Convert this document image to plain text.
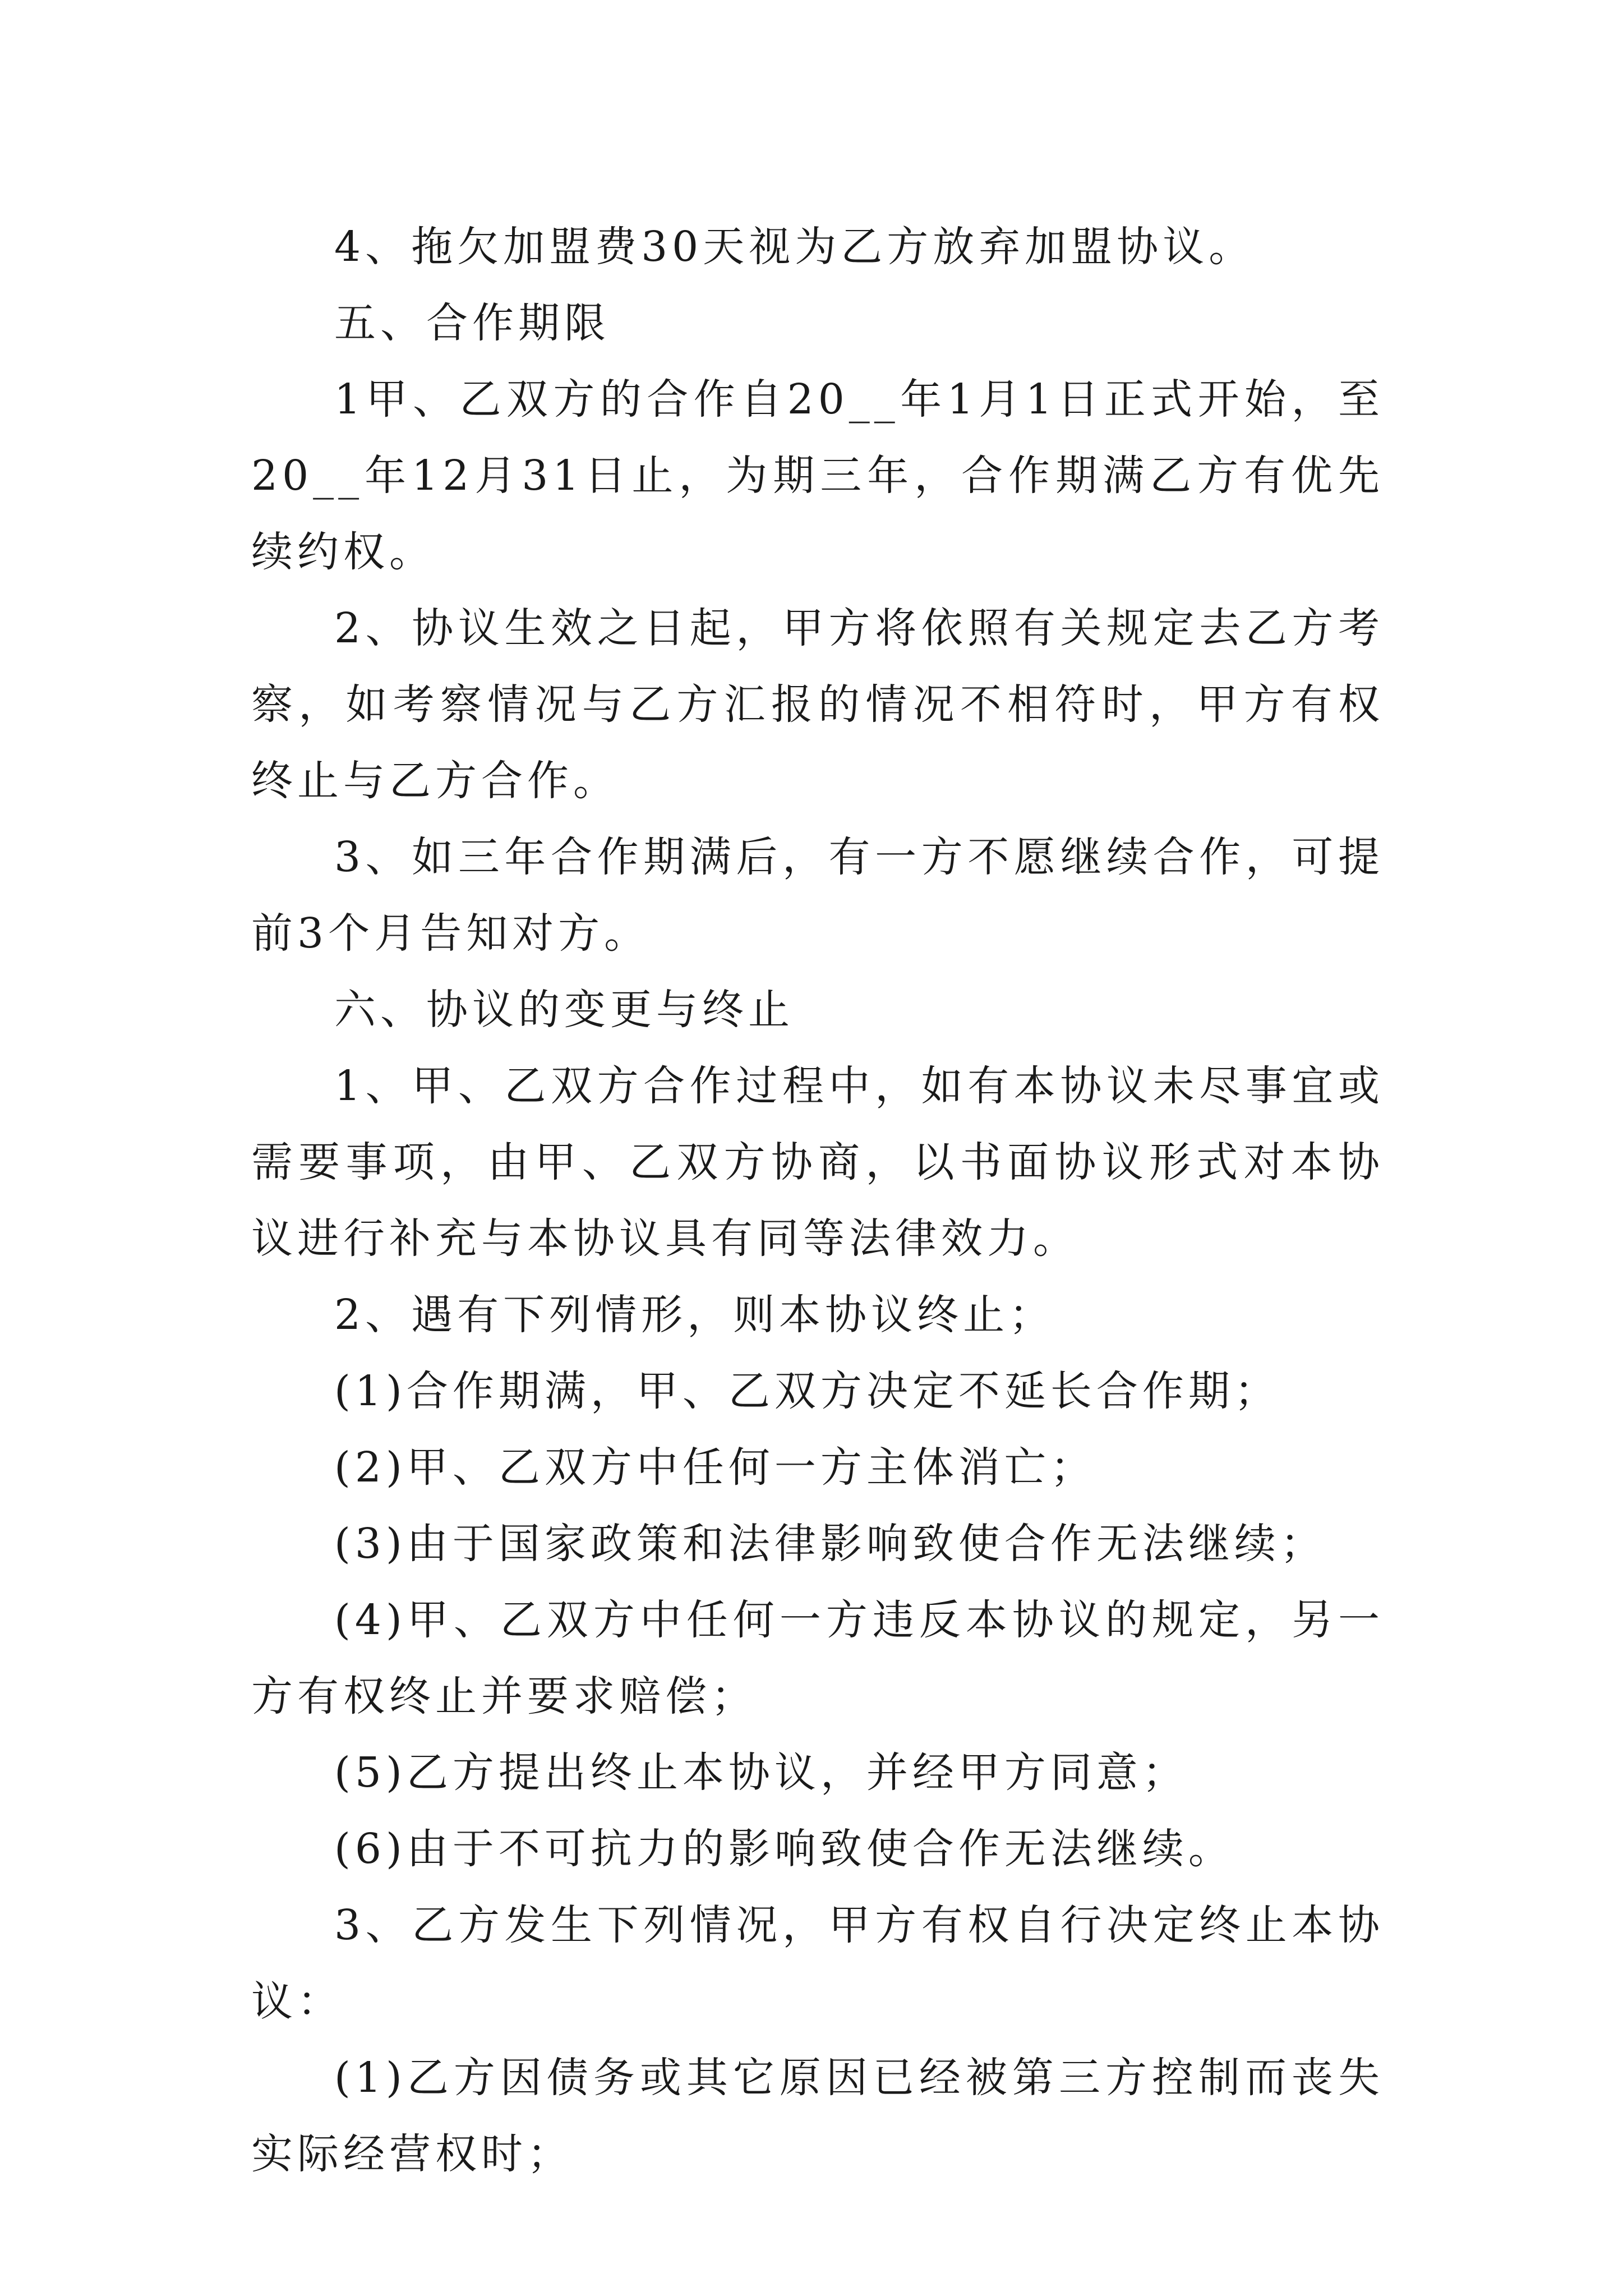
4、拖欠加盟费30天视为乙方放弃加盟协议。

五、合作期限

1甲、乙双方的合作自20__年1月1日正式开始，至20__年12月31日止，为期三年，合作期满乙方有优先续约权。

2、协议生效之日起，甲方将依照有关规定去乙方考察，如考察情况与乙方汇报的情况不相符时，甲方有权终止与乙方合作。

3、如三年合作期满后，有一方不愿继续合作，可提前3个月告知对方。

六、协议的变更与终止

1、甲、乙双方合作过程中，如有本协议未尽事宜或需要事项，由甲、乙双方协商，以书面协议形式对本协议进行补充与本协议具有同等法律效力。

2、遇有下列情形，则本协议终止；

(1)合作期满，甲、乙双方决定不延长合作期；

(2)甲、乙双方中任何一方主体消亡；

(3)由于国家政策和法律影响致使合作无法继续；

(4)甲、乙双方中任何一方违反本协议的规定，另一方有权终止并要求赔偿；

(5)乙方提出终止本协议，并经甲方同意；

(6)由于不可抗力的影响致使合作无法继续。

3、乙方发生下列情况，甲方有权自行决定终止本协议：

(1)乙方因债务或其它原因已经被第三方控制而丧失实际经营权时；
